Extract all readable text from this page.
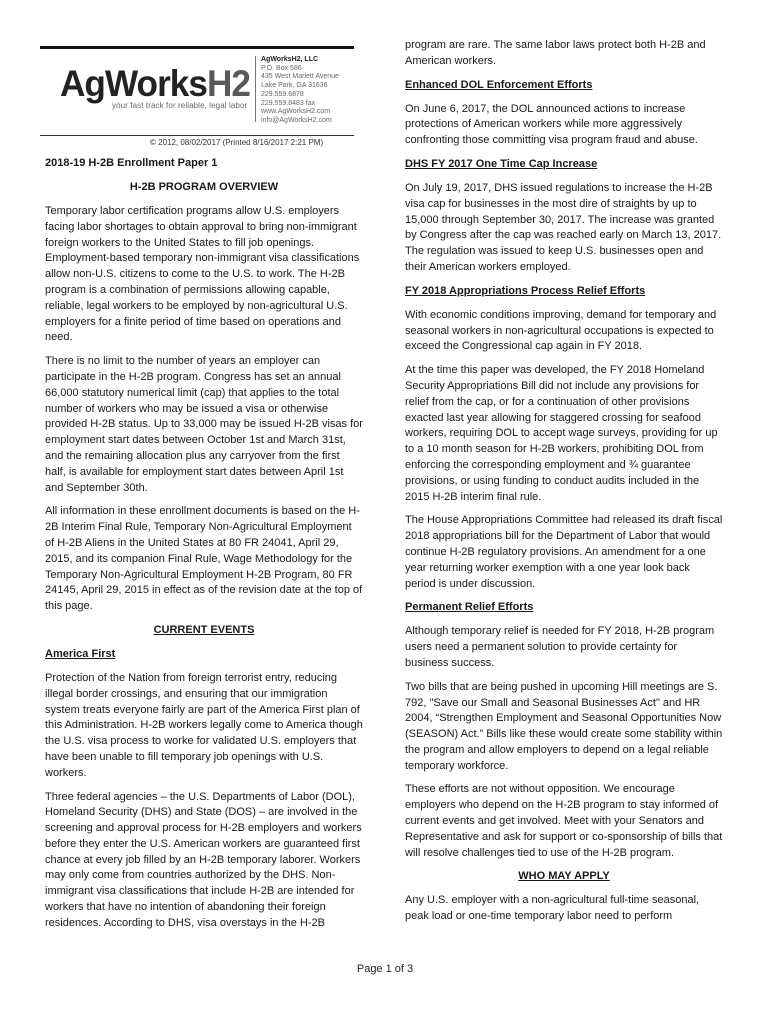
AgWorksH2
your fast track for reliable, legal labor
AgWorksH2, LLC
P.O. Box 586
435 West Marlett Avenue
Lake Park, GA 31636
229.559.6878
229.559.8483 fax
www.AgWorksH2.com
info@AgWorksH2.com
© 2012, 08/02/2017 (Printed 8/16/2017 2:21 PM)
2018-19 H-2B Enrollment Paper 1
H-2B PROGRAM OVERVIEW

Temporary labor certification programs allow U.S. employers facing labor shortages to obtain approval to bring non-immigrant foreign workers to the United States to fill job openings. Employment-based temporary non-immigrant visa classifications allow non-U.S. citizens to come to the U.S. to work. The H-2B program is a combination of permissions allowing capable, reliable, legal workers to be employed by non-agricultural U.S. employers for a finite period of time based on operations and need.

There is no limit to the number of years an employer can participate in the H-2B program. Congress has set an annual 66,000 statutory numerical limit (cap) that applies to the total number of workers who may be issued a visa or otherwise provided H-2B status. Up to 33,000 may be issued H-2B visas for employment start dates between October 1st and March 31st, and the remaining allocation plus any carryover from the first half, is available for employment start dates between April 1st and September 30th.

All information in these enrollment documents is based on the H-2B Interim Final Rule, Temporary Non-Agricultural Employment of H-2B Aliens in the United States at 80 FR 24041, April 29, 2015, and its companion Final Rule, Wage Methodology for the Temporary Non-Agricultural Employment H-2B Program, 80 FR 24145, April 29, 2015 in effect as of the revision date at the top of this page.

CURRENT EVENTS
America First

Protection of the Nation from foreign terrorist entry, reducing illegal border crossings, and ensuring that our immigration system treats everyone fairly are part of the America First plan of this Administration. H-2B workers legally come to America though the U.S. visa process to worke for validated U.S. employers that have been unable to fill temporary job openings with U.S. workers.

Three federal agencies – the U.S. Departments of Labor (DOL), Homeland Security (DHS) and State (DOS) – are involved in the screening and approval process for H-2B employers and workers before they enter the U.S. American workers are guaranteed first chance at every job filled by an H-2B temporary laborer. Workers may only come from countries authorized by the DHS. Non-immigrant visa classifications that include H-2B are intended for workers that have no intention of abandoning their foreign residences. According to DHS, visa overstays in the H-2B

program are rare. The same labor laws protect both H-2B and American workers.

Enhanced DOL Enforcement Efforts

On June 6, 2017, the DOL announced actions to increase protections of American workers while more aggressively confronting those committing visa program fraud and abuse.

DHS FY 2017 One Time Cap Increase

On July 19, 2017, DHS issued regulations to increase the H-2B visa cap for businesses in the most dire of straights by up to 15,000 through September 30, 2017. The increase was granted by Congress after the cap was reached early on March 13, 2017. The regulation was issued to keep U.S. businesses open and their American workers employed.

FY 2018 Appropriations Process Relief Efforts

With economic conditions improving, demand for temporary and seasonal workers in non-agricultural occupations is expected to exceed the Congressional cap again in FY 2018.

At the time this paper was developed, the FY 2018 Homeland Security Appropriations Bill did not include any provisions for relief from the cap, or for a continuation of other provisions exacted last year allowing for staggered crossing for seafood workers, requiring DOL to accept wage surveys, providing for up to a 10 month season for H-2B workers, prohibiting DOL from enforcing the corresponding employment and ¾ guarantee provisions, or using funding to conduct audits included in the 2015 H-2B interim final rule.

The House Appropriations Committee had released its draft fiscal 2018 appropriations bill for the Department of Labor that would continue H-2B regulatory provisions. An amendment for a one year returning worker exemption with a one year look back period is under discussion.

Permanent Relief Efforts

Although temporary relief is needed for FY 2018, H-2B program users need a permanent solution to provide certainty for business success.

Two bills that are being pushed in upcoming Hill meetings are S. 792, "Save our Small and Seasonal Businesses Act" and HR 2004, “Strengthen Employment and Seasonal Opportunities Now (SEASON) Act.” Bills like these would create some stability within the program and allow employers to depend on a legal reliable temporary workforce.

These efforts are not without opposition. We encourage employers who depend on the H-2B program to stay informed of current events and get involved. Meet with your Senators and Representative and ask for support or co-sponsorship of bills that will resolve challenges tied to use of the H-2B program.

WHO MAY APPLY

Any U.S. employer with a non-agricultural full-time seasonal, peak load or one-time temporary labor need to perform

Page 1 of 3
